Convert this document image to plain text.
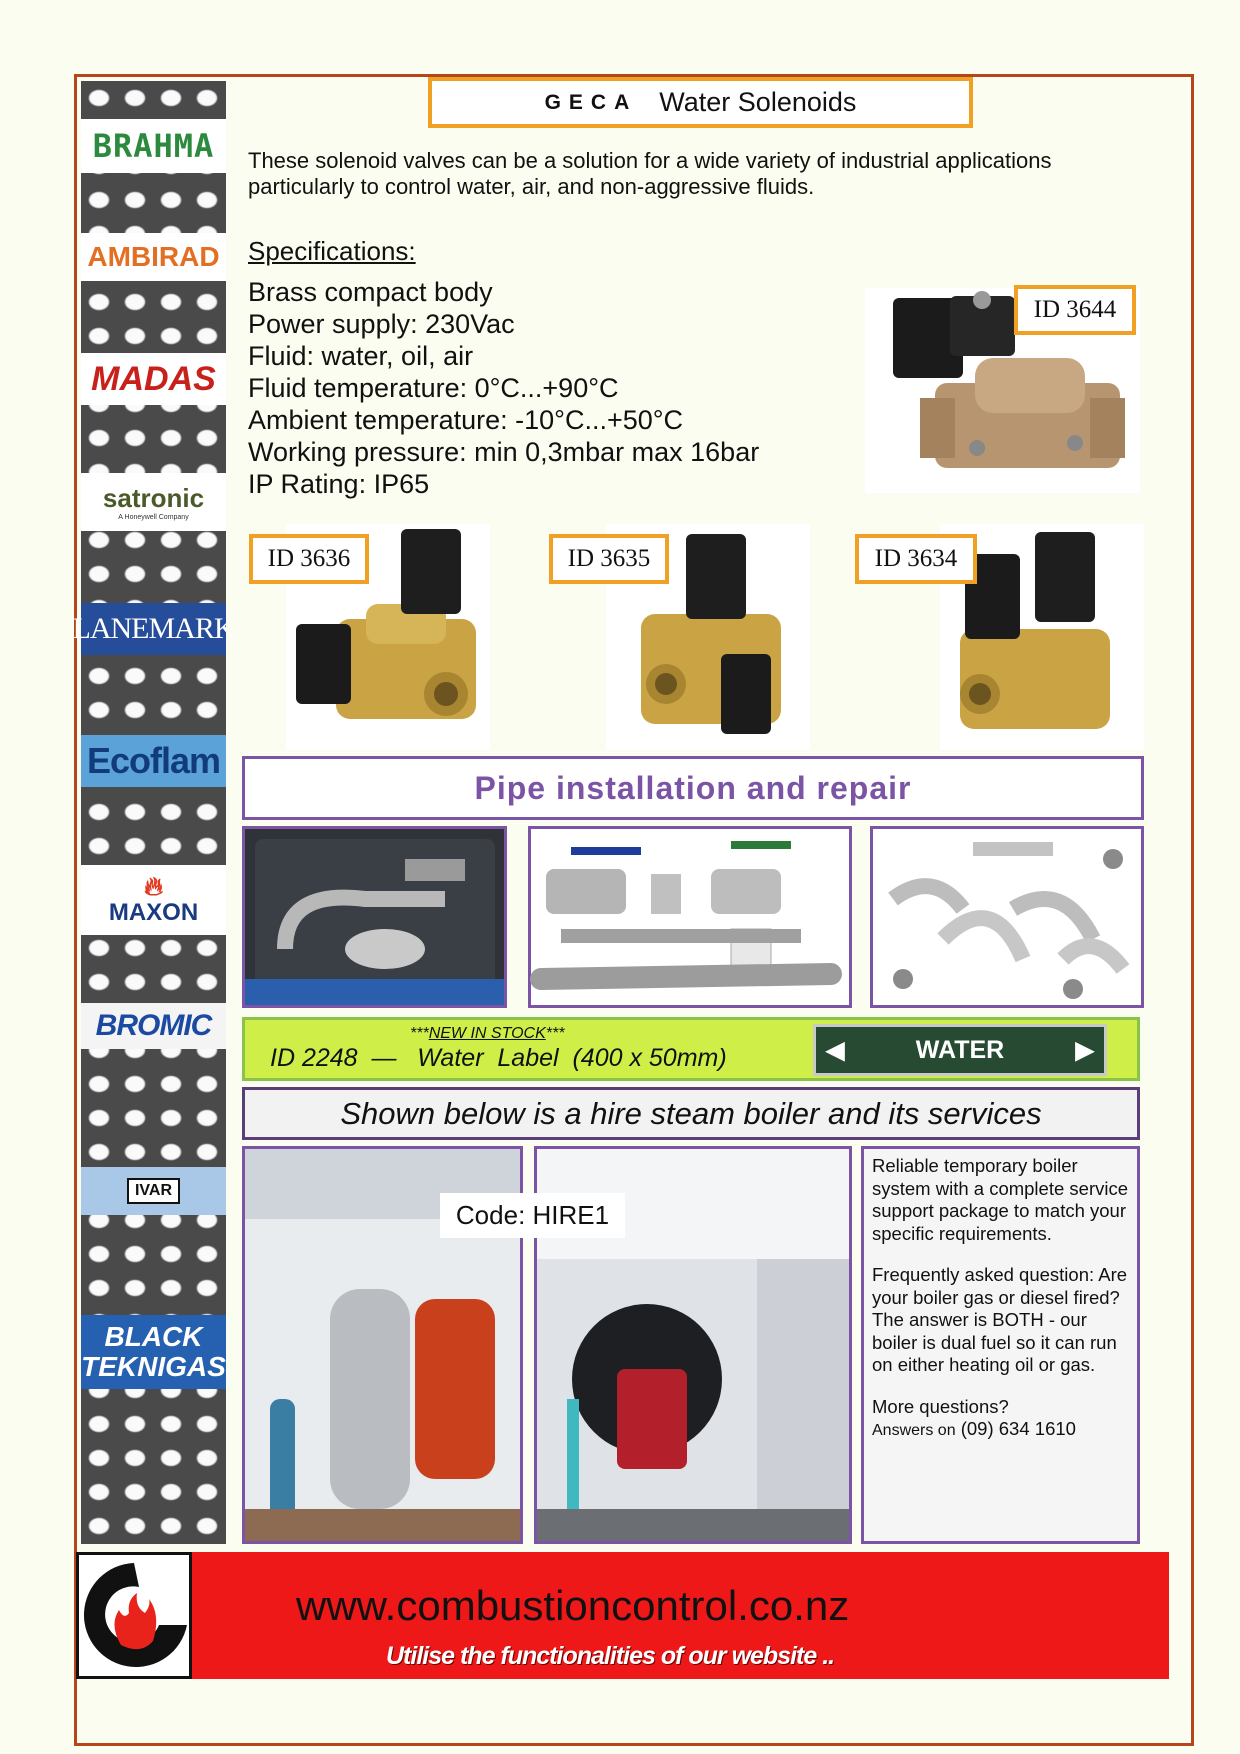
BRAHMA
AMBIRAD
MADAS
satronic
A Honeywell Company
LANEMARK
Ecoflam
🔥︎
MAXON
BROMIC
IVAR
BLACK
TEKNIGAS
GECA Water Solenoids

These solenoid valves can be a solution for a wide variety of industrial applications particularly to control water, air, and non-aggressive fluids.

Specifications:
Brass compact body
Power supply: 230Vac
Fluid: water, oil, air
Fluid temperature: 0°C...+90°C
Ambient temperature: -10°C...+50°C
Working pressure: min 0,3mbar max 16bar
IP Rating: IP65
ID 3644
ID 3636	ID 3635	ID 3634
Pipe installation and repair
***NEW IN STOCK***
ID 2248  —   Water  Label  (400 x 50mm)	◀	WATER	▶
Shown below is a hire steam boiler and its services
Code: HIRE1

Reliable temporary boiler system with a complete service support package to match your specific requirements.

Frequently asked question: Are your boiler gas or diesel fired? The answer is BOTH - our boiler is dual fuel so it can run on either heating oil or gas.

More questions?
Answers on (09) 634 1610
www.combustioncontrol.co.nz
Utilise the functionalities of our website ..
